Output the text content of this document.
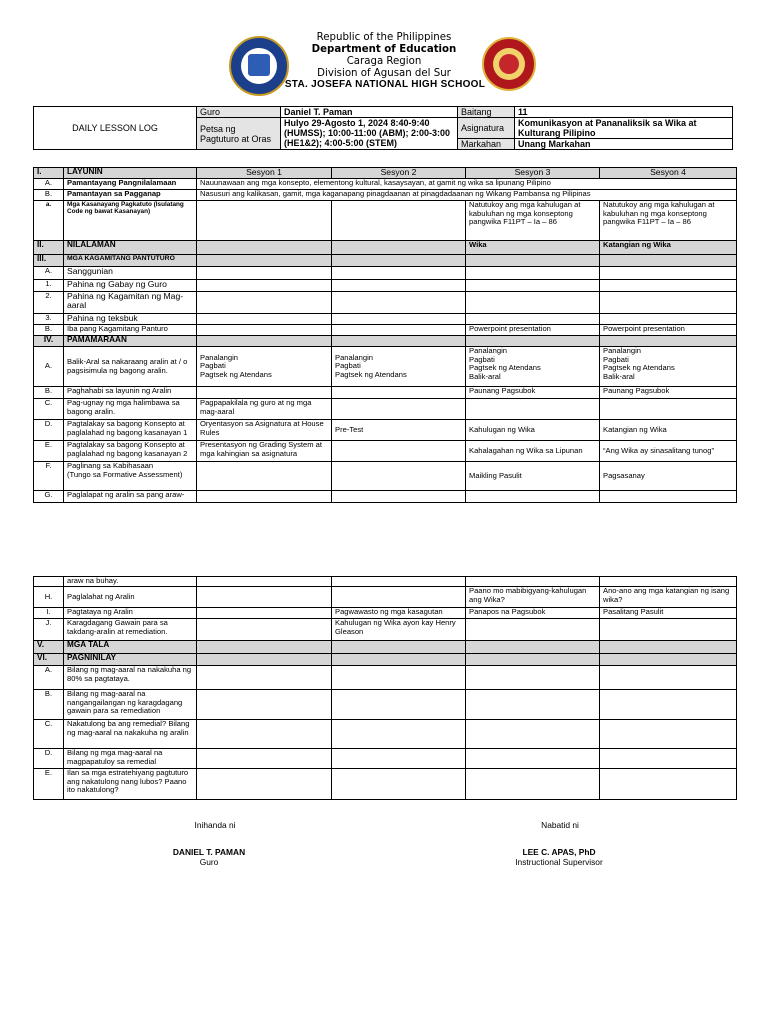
Republic of the Philippines
Department of Education
Caraga Region
Division of Agusan del Sur
STA. JOSEFA NATIONAL HIGH SCHOOL
DAILY LESSON LOG	Guro	Daniel T. Paman	Baitang	11
	Petsa ng Pagtuturo at Oras	Hulyo 29-Agosto 1, 2024 8:40-9:40 (HUMSS); 10:00-11:00 (ABM); 2:00-3:00 (HE1&2); 4:00-5:00 (STEM)	Asignatura	Komunikasyon at Pananaliksik sa Wika at Kulturang Pilipino
			Markahan	Unang Markahan
I.	LAYUNIN	Sesyon 1	Sesyon 2	Sesyon 3	Sesyon 4
A.	Pamantayang Pangnilalamaan	Nauunawaan ang mga konsepto, elementong kultural, kasaysayan, at gamit ng wika sa lipunang Pilipino			
B.	Pamantayan sa Pagganap	Nasusuri ang kalikasan, gamit, mga kaganapang pinagdaanan at pinagdadaanan ng Wikang Pambansa ng Pilipinas			
a.	Mga Kasanayang Pagkatuto (Isulatang Code ng bawat Kasanayan)			Natutukoy ang mga kahulugan at kabuluhan ng mga konseptong pangwika F11PT – Ia – 86	Natutukoy ang mga kahulugan at kabuluhan ng mga konseptong pangwika F11PT – Ia – 86
II.	NILALAMAN			Wika	Katangian ng Wika
III.	MGA KAGAMITANG PANTUTURO				
A.	Sanggunian				
1.	Pahina ng Gabay ng Guro				
2.	Pahina ng Kagamitan ng Mag-aaral				
3.	Pahina ng teksbuk				
B.	Iba pang Kagamitang Panturo			Powerpoint presentation	Powerpoint presentation
IV.	PAMAMARAAN				
A.	Balik-Aral sa nakaraang aralin at / o pagsisimula ng bagong aralin.	Panalangin
Pagbati
Pagtsek ng Atendans	Panalangin
Pagbati
Pagtsek ng Atendans	Panalangin
Pagbati
Pagtsek ng Atendans
Balik-aral	Panalangin
Pagbati
Pagtsek ng Atendans
Balik-aral
B.	Paghahabi sa layunin ng Aralin			Paunang Pagsubok	Paunang Pagsubok
C.	Pag-ugnay ng mga halimbawa sa bagong aralin.	Pagpapakilala ng guro at ng mga mag-aaral			
D.	Pagtalakay sa bagong Konsepto at paglalahad ng bagong kasanayan 1	Oryentasyon sa Asignatura at House Rules	Pre-Test	Kahulugan ng Wika	Katangian ng Wika
E.	Pagtalakay sa bagong Konsepto at paglalahad ng bagong kasanayan 2	Presentasyon ng Grading System at mga kahingian sa asignatura		Kahalagahan ng Wika sa Lipunan	“Ang Wika ay sinasalitang tunog”
F.	Paglinang sa Kabihasaan
(Tungo sa Formative Assessment)			Maikling Pasulit	Pagsasanay
G.	Paglalapat ng aralin sa pang araw-				
	araw na buhay.				
H.	Paglalahat ng Aralin			Paano mo mabibigyang-kahulugan ang Wika?	Ano-ano ang mga katangian ng isang wika?
I.	Pagtataya ng Aralin		Pagwawasto ng mga kasagutan	Panapos na Pagsubok	Pasalitang Pasulit
J.	Karagdagang Gawain para sa takdang-aralin at remediation.		Kahulugan ng Wika ayon kay Henry Gleason		
V.	MGA TALA				
VI.	PAGNINILAY				
A.	Bilang ng mag-aaral na nakakuha ng 80% sa pagtataya.				
B.	Bilang ng mag-aaral na nangangailangan ng karagdagang gawain para sa remediation				
C.	Nakatulong ba ang remedial? Bilang ng mag-aaral na nakakuha ng aralin				
D.	Bilang ng mga mag-aaral na magpapatuloy sa remedial				
E.	Ilan sa mga estratehiyang pagtuturo ang nakatulong nang lubos? Paano ito nakatulong?				
Inihanda ni
DANIEL T. PAMAN
Guro
Nabatid ni
LEE C. APAS, PhD
Instructional Supervisor
